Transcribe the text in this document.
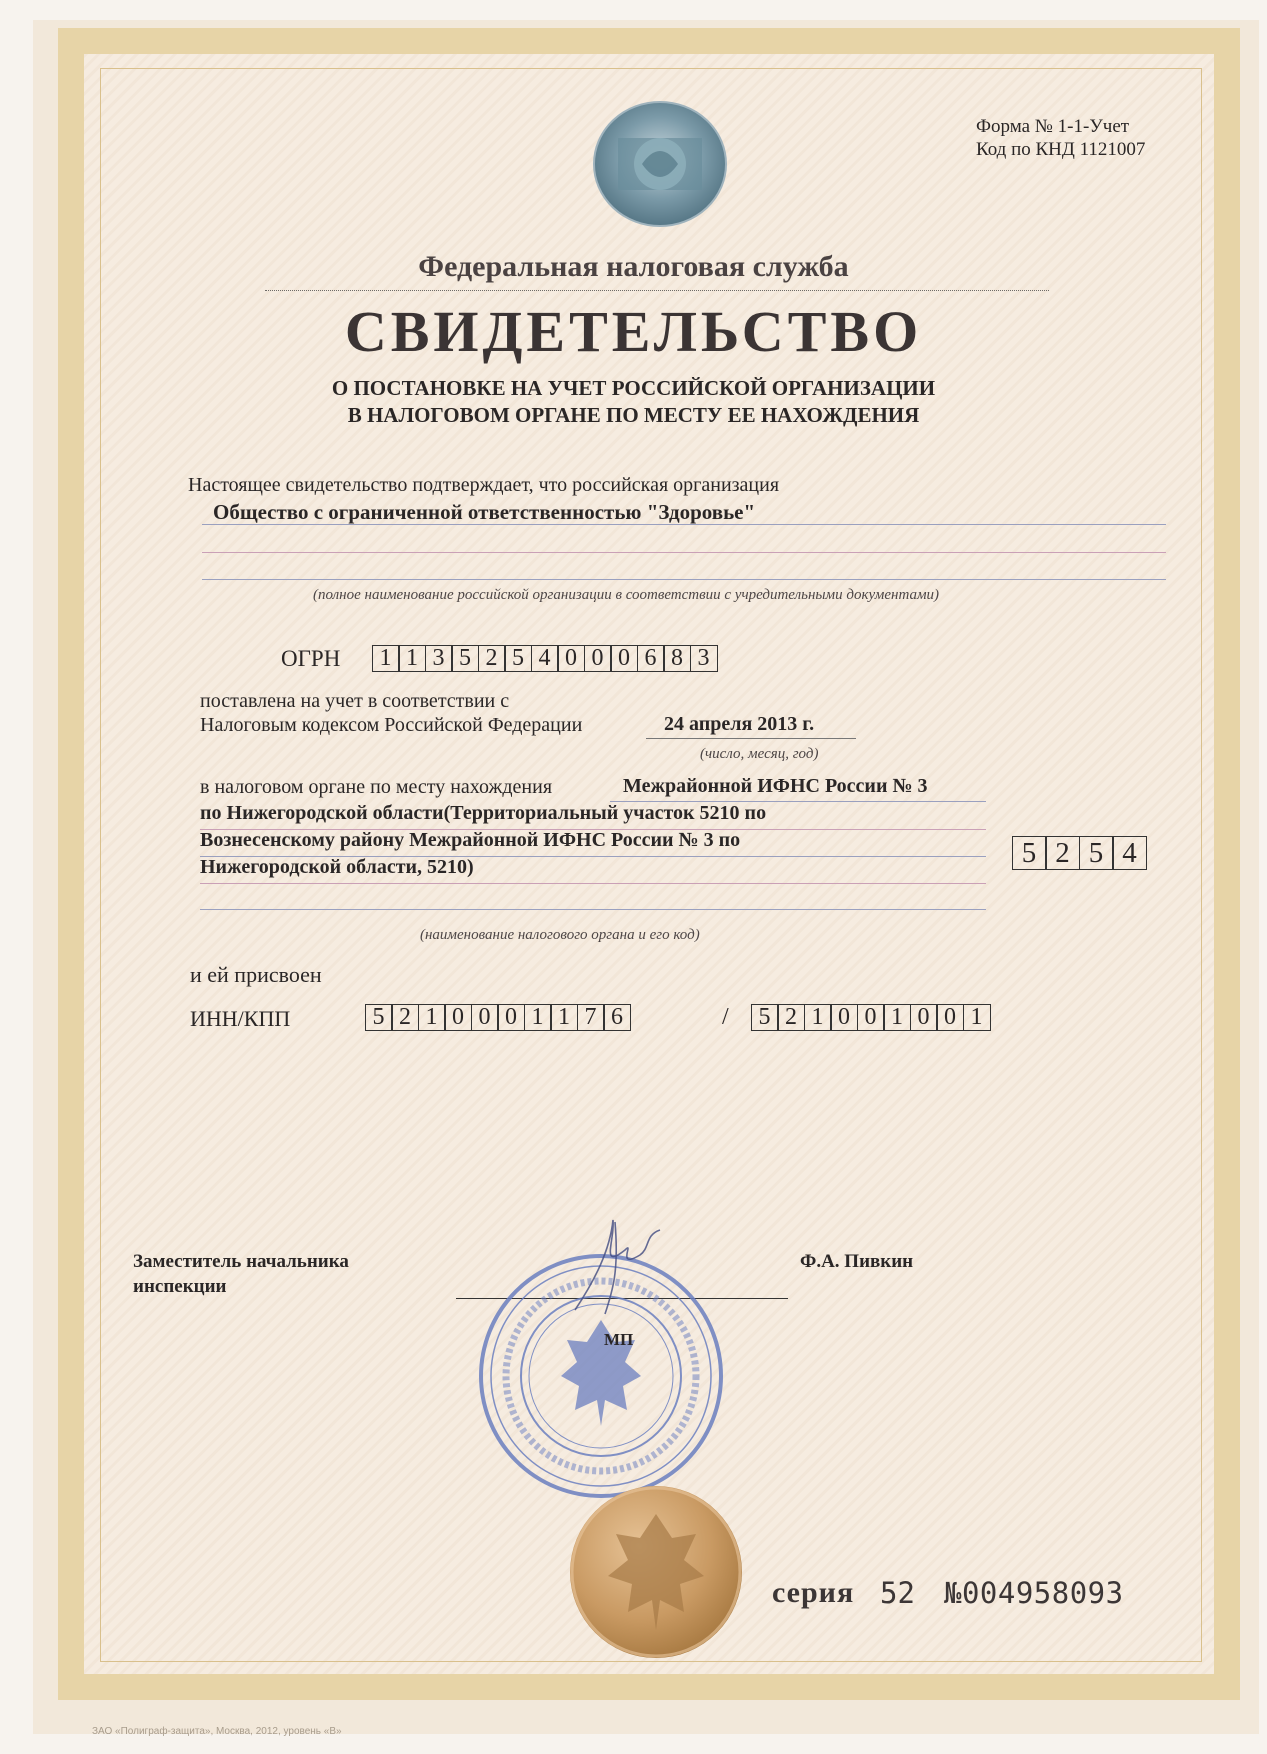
Форма № 1-1-Учет
Код по КНД 1121007
Федеральная налоговая служба
СВИДЕТЕЛЬСТВО
О ПОСТАНОВКЕ НА УЧЕТ РОССИЙСКОЙ ОРГАНИЗАЦИИ
В НАЛОГОВОМ ОРГАНЕ ПО МЕСТУ ЕЕ НАХОЖДЕНИЯ
Настоящее свидетельство подтверждает, что российская организация
Общество с ограниченной ответственностью "Здоровье"
(полное наименование российской организации в соответствии с учредительными документами)
ОГРН	1 1 3 5 2 5 4 0 0 0 6 8 3
поставлена на учет в соответствии с
Налоговым кодексом Российской Федерации	24 апреля 2013 г.
(число, месяц, год)
в налоговом органе по месту нахождения	Межрайонной ИФНС России № 3
по Нижегородской области(Территориальный участок 5210 по
Вознесенскому району Межрайонной ИФНС России № 3 по
Нижегородской области, 5210)	5 2 5 4
(наименование налогового органа и его код)
и ей присвоен
ИНН/КПП	5 2 1 0 0 0 1 1 7 6	/	5 2 1 0 0 1 0 0 1
Заместитель начальника
инспекции
Ф.А. Пивкин
МП
серия 52 №004958093
ЗАО «Полиграф-защита», Москва, 2012, уровень «В»
